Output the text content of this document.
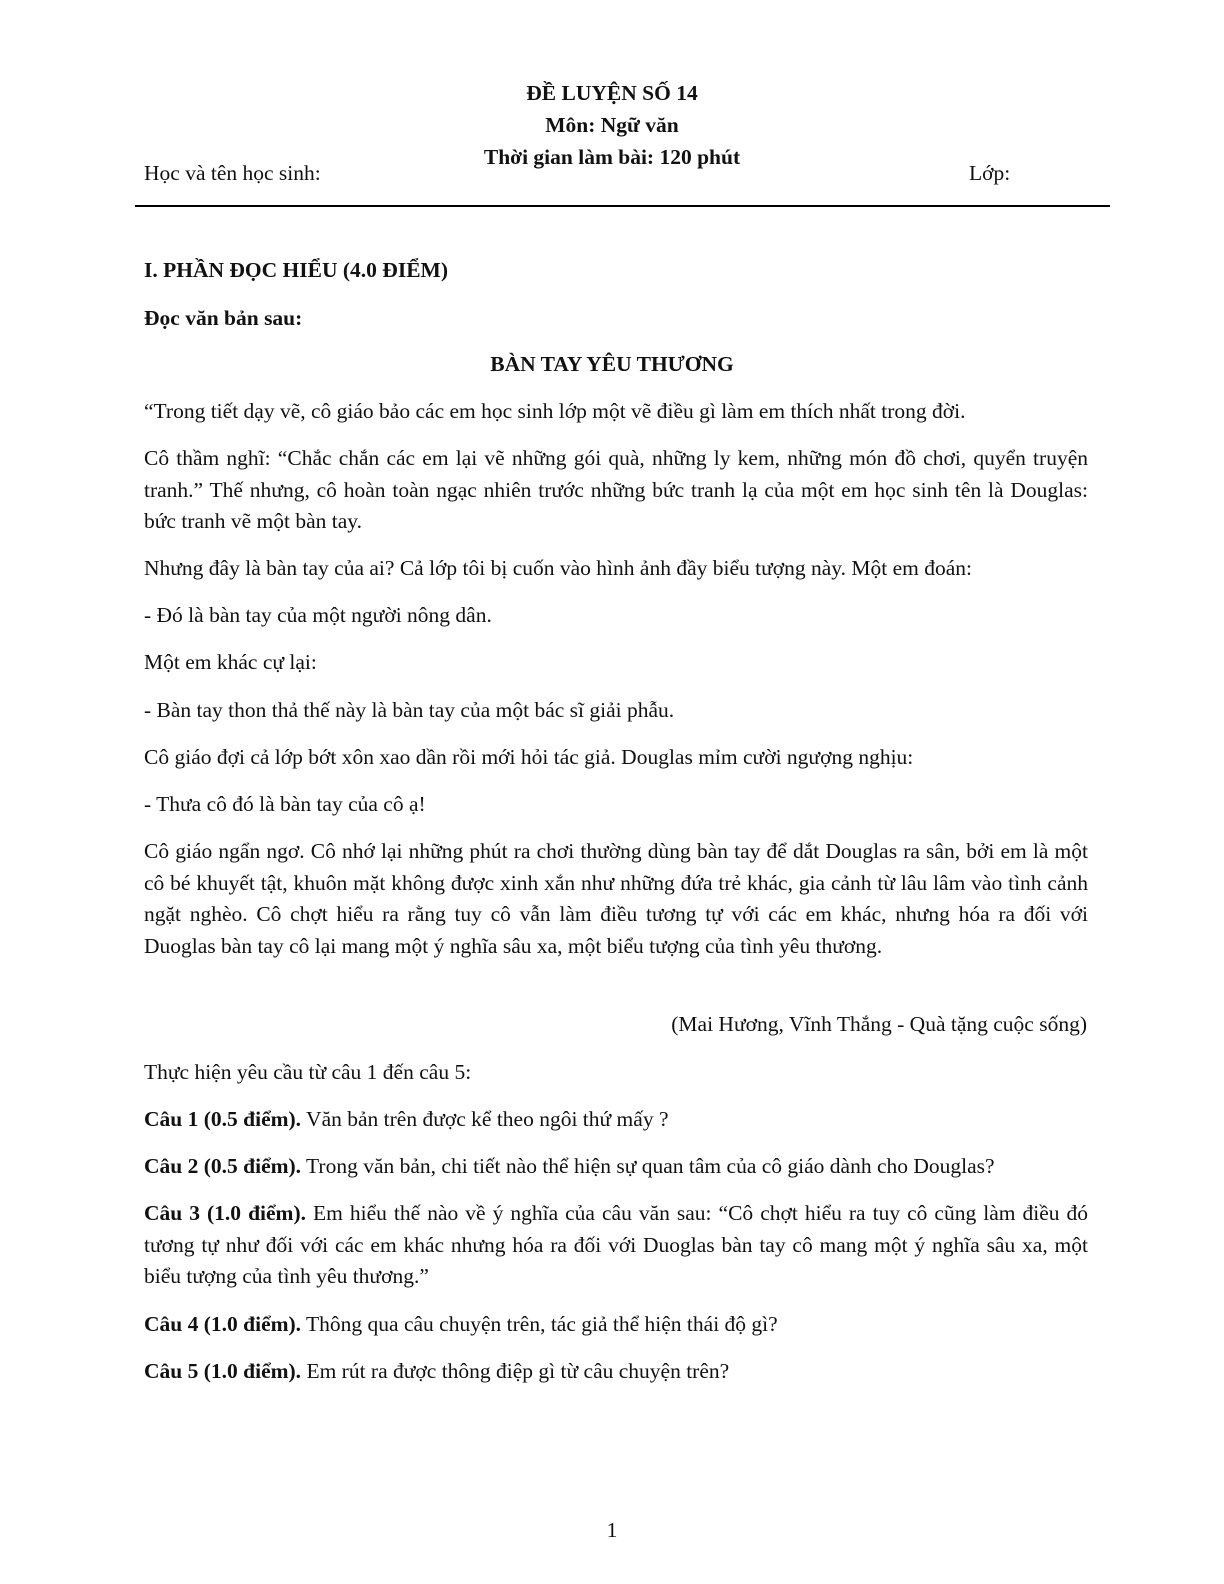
ĐỀ LUYỆN SỐ 14
Môn: Ngữ văn
Thời gian làm bài: 120 phút
Học và tên học sinh:	Lớp:
I. PHẦN ĐỌC HIỂU (4.0 ĐIỂM)
Đọc văn bản sau:
BÀN TAY YÊU THƯƠNG
“Trong tiết dạy vẽ, cô giáo bảo các em học sinh lớp một vẽ điều gì làm em thích nhất trong đời.
Cô thầm nghĩ: “Chắc chắn các em lại vẽ những gói quà, những ly kem, những món đồ chơi, quyển truyện tranh.” Thế nhưng, cô hoàn toàn ngạc nhiên trước những bức tranh lạ của một em học sinh tên là Douglas: bức tranh vẽ một bàn tay.
Nhưng đây là bàn tay của ai? Cả lớp tôi bị cuốn vào hình ảnh đầy biểu tượng này. Một em đoán:
- Đó là bàn tay của một người nông dân.
Một em khác cự lại:
- Bàn tay thon thả thế này là bàn tay của một bác sĩ giải phẫu.
Cô giáo đợi cả lớp bớt xôn xao dần rồi mới hỏi tác giả. Douglas mỉm cười ngượng nghịu:
- Thưa cô đó là bàn tay của cô ạ!
Cô giáo ngẩn ngơ. Cô nhớ lại những phút ra chơi thường dùng bàn tay để dắt Douglas ra sân, bởi em là một cô bé khuyết tật, khuôn mặt không được xinh xắn như những đứa trẻ khác, gia cảnh từ lâu lâm vào tình cảnh ngặt nghèo. Cô chợt hiểu ra rằng tuy cô vẫn làm điều tương tự với các em khác, nhưng hóa ra đối với Duoglas bàn tay cô lại mang một ý nghĩa sâu xa, một biểu tượng của tình yêu thương.
(Mai Hương, Vĩnh Thắng - Quà tặng cuộc sống)
Thực hiện yêu cầu từ câu 1 đến câu 5:
Câu 1 (0.5 điểm). Văn bản trên được kể theo ngôi thứ mấy ?
Câu 2 (0.5 điểm). Trong văn bản, chi tiết nào thể hiện sự quan tâm của cô giáo dành cho Douglas?
Câu 3 (1.0 điểm). Em hiểu thế nào về ý nghĩa của câu văn sau: “Cô chợt hiểu ra tuy cô cũng làm điều đó tương tự như đối với các em khác nhưng hóa ra đối với Duoglas bàn tay cô mang một ý nghĩa sâu xa, một biểu tượng của tình yêu thương.”
Câu 4 (1.0 điểm). Thông qua câu chuyện trên, tác giả thể hiện thái độ gì?
Câu 5 (1.0 điểm). Em rút ra được thông điệp gì từ câu chuyện trên?
1
